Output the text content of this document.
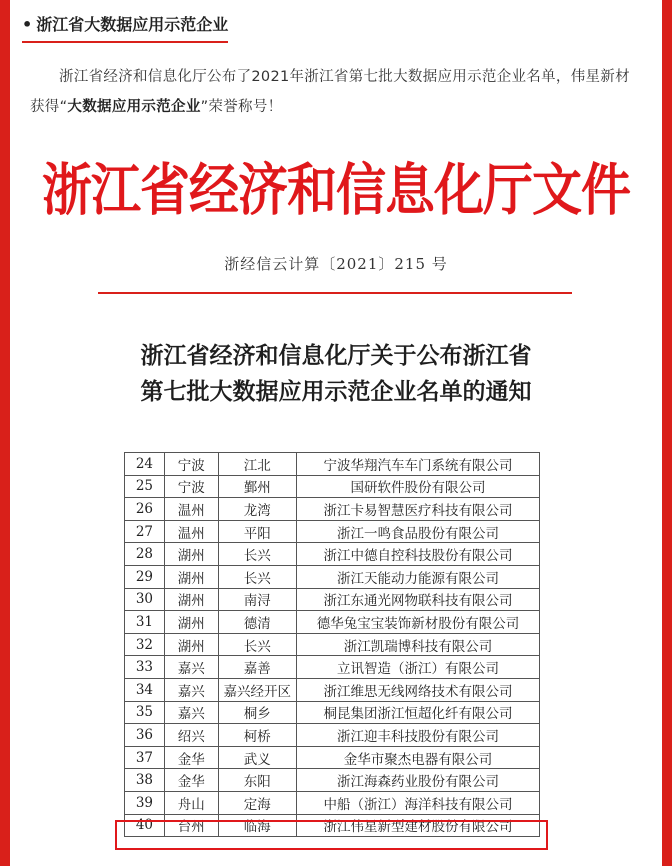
• 浙江省大数据应用示范企业

浙江省经济和信息化厅公布了2021年浙江省第七批大数据应用示范企业名单，伟星新材获得“大数据应用示范企业”荣誉称号！

浙江省经济和信息化厅文件
浙经信云计算〔2021〕215 号
浙江省经济和信息化厅关于公布浙江省
第七批大数据应用示范企业名单的通知
24	宁波	江北	宁波华翔汽车车门系统有限公司
25	宁波	鄞州	国研软件股份有限公司
26	温州	龙湾	浙江卡易智慧医疗科技有限公司
27	温州	平阳	浙江一鸣食品股份有限公司
28	湖州	长兴	浙江中德自控科技股份有限公司
29	湖州	长兴	浙江天能动力能源有限公司
30	湖州	南浔	浙江东通光网物联科技有限公司
31	湖州	德清	德华兔宝宝装饰新材股份有限公司
32	湖州	长兴	浙江凯瑞博科技有限公司
33	嘉兴	嘉善	立讯智造（浙江）有限公司
34	嘉兴	嘉兴经开区	浙江维思无线网络技术有限公司
35	嘉兴	桐乡	桐昆集团浙江恒超化纤有限公司
36	绍兴	柯桥	浙江迎丰科技股份有限公司
37	金华	武义	金华市聚杰电器有限公司
38	金华	东阳	浙江海森药业股份有限公司
39	舟山	定海	中船（浙江）海洋科技有限公司
40	台州	临海	浙江伟星新型建材股份有限公司
